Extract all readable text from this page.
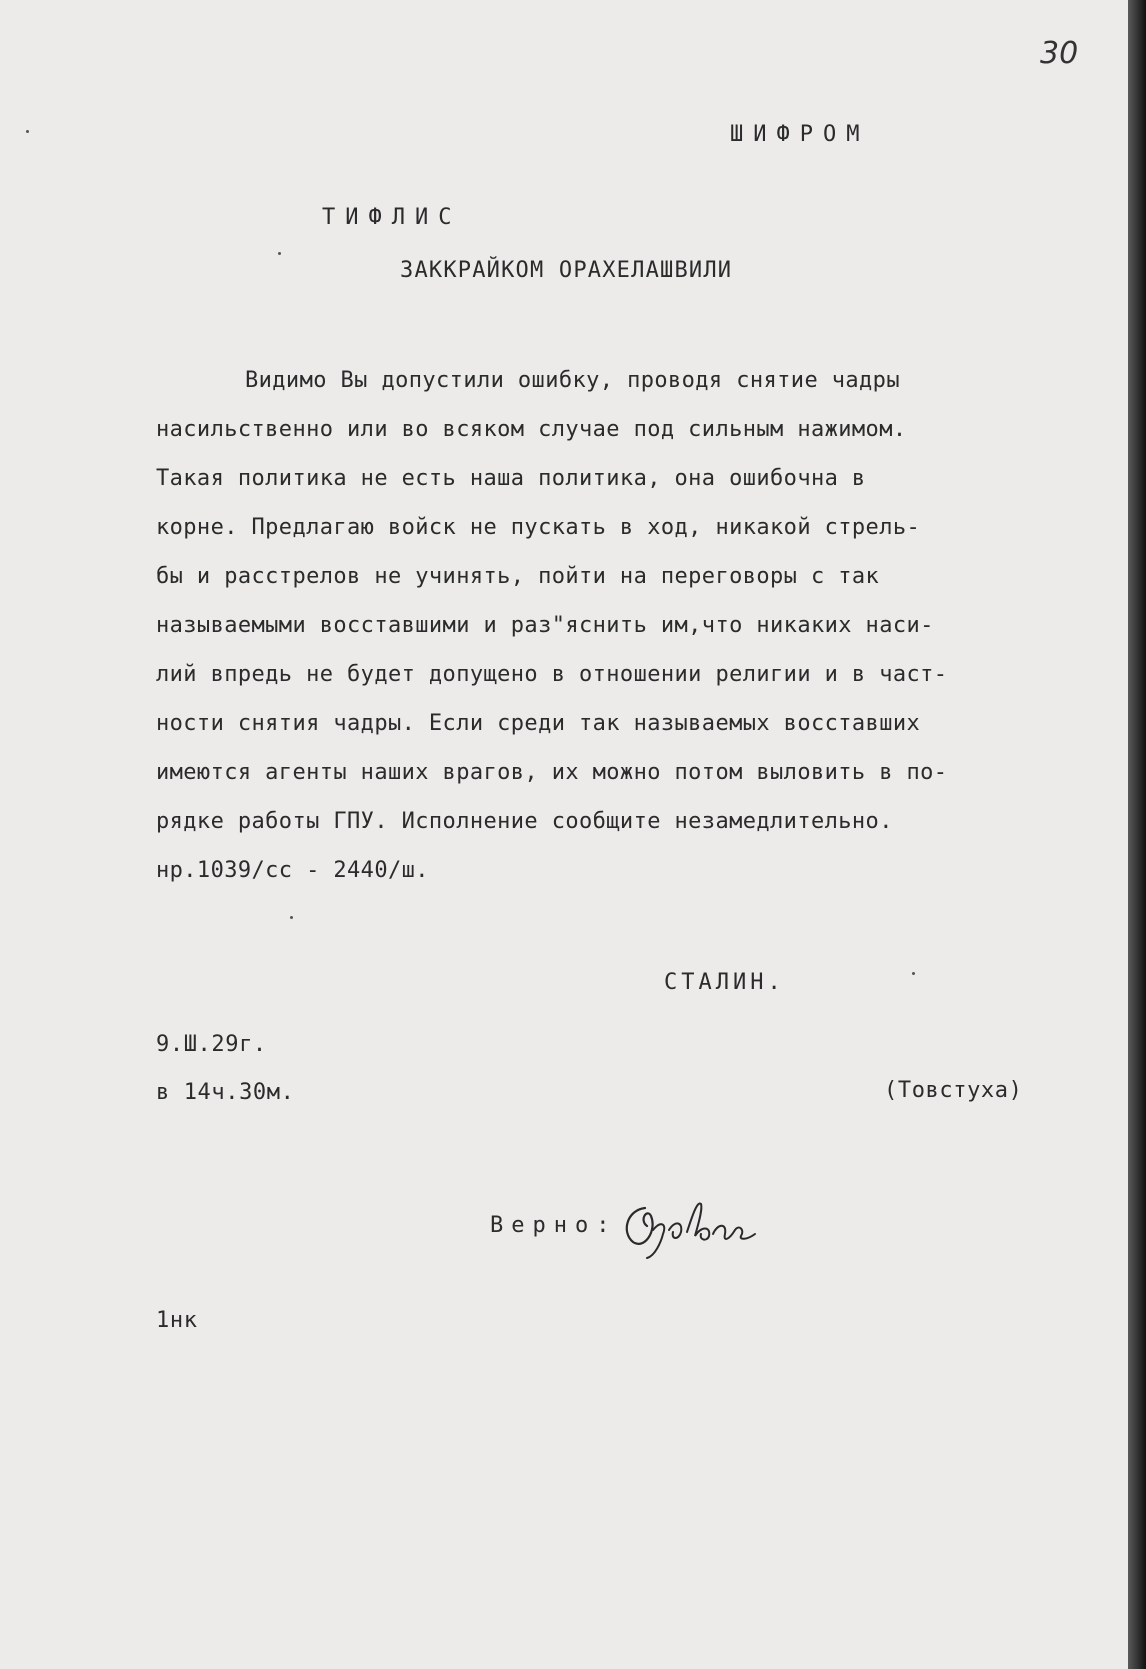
30
ШИФРОМ
ТИФЛИС
ЗАККРАЙКОМ ОРАХЕЛАШВИЛИ
Видимо Вы допустили ошибку, проводя снятие чадры
насильственно или во всяком случае под сильным нажимом.
Такая политика не есть наша политика, она ошибочна в
корне. Предлагаю войск не пускать в ход, никакой стрель-
бы и расстрелов не учинять, пойти на переговоры с так
называемыми восставшими и раз"яснить им,что никаких наси-
лий впредь не будет допущено в отношении религии и в част-
ности снятия чадры. Если среди так называемых восставших
имеются агенты наших врагов, их можно потом выловить в по-
рядке работы ГПУ. Исполнение сообщите незамедлительно.
нр.1039/сс - 2440/ш.
СТАЛИН.
9.Ш.29г.
в 14ч.30м.	(Товстуха)
Верно:
1нк
